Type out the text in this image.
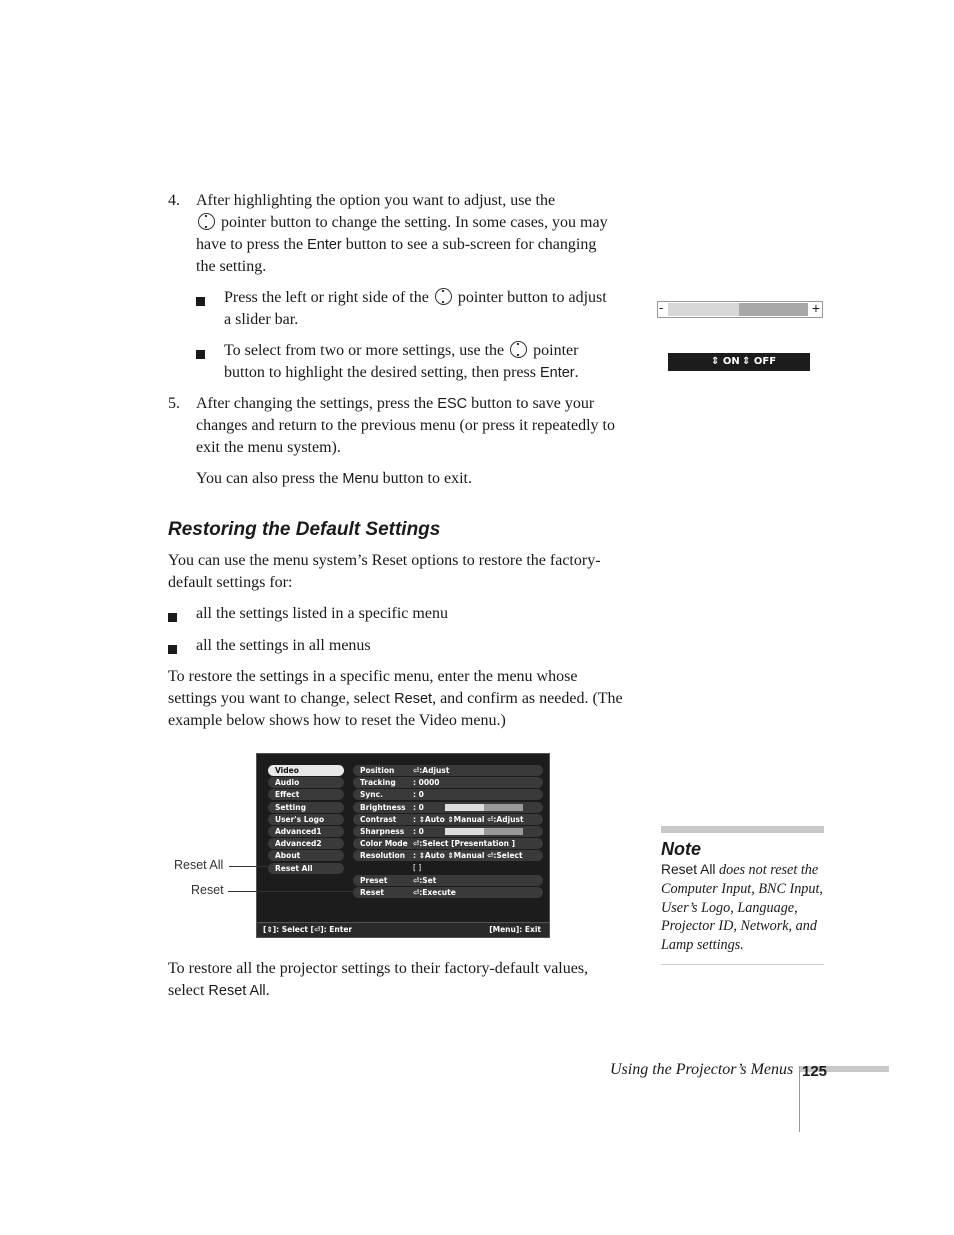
4. After highlighting the option you want to adjust, use the
pointer button to change the setting. In some cases, you may
have to press the Enter button to see a sub-screen for changing
the setting.
Press the left or right side of the pointer button to adjust
a slider bar.
To select from two or more settings, use the pointer
button to highlight the desired setting, then press Enter.
5. After changing the settings, press the ESC button to save your
changes and return to the previous menu (or press it repeatedly to
exit the menu system).
You can also press the Menu button to exit.
Restoring the Default Settings
You can use the menu system’s Reset options to restore the factory-
default settings for:
all the settings listed in a specific menu
all the settings in all menus
To restore the settings in a specific menu, enter the menu whose
settings you want to change, select Reset, and confirm as needed. (The
example below shows how to reset the Video menu.)
Video
Audio
Effect
Setting
User's Logo
Advanced1
Advanced2
About
Reset All
Position ⏎:Adjust
Tracking : 0000
Sync.	: 0
Brightness : 0
Contrast : ⇕Auto ⇕Manual ⏎:Adjust
Sharpness : 0
Color Mode ⏎:Select [Presentation ]
Resolution : ⇕Auto ⇕Manual ⏎:Select
[ ]
Preset	⏎:Set
Reset	⏎:Execute
[⇕]: Select [⏎]: Enter	[Menu]: Exit
Reset All
Reset
To restore all the projector settings to their factory-default values,
select Reset All.
-	+
⇕ ON ⇕ OFF
Note
Reset All does not reset the Computer Input, BNC Input, User’s Logo, Language, Projector ID, Network, and Lamp settings.
Using the Projector’s Menus 125
